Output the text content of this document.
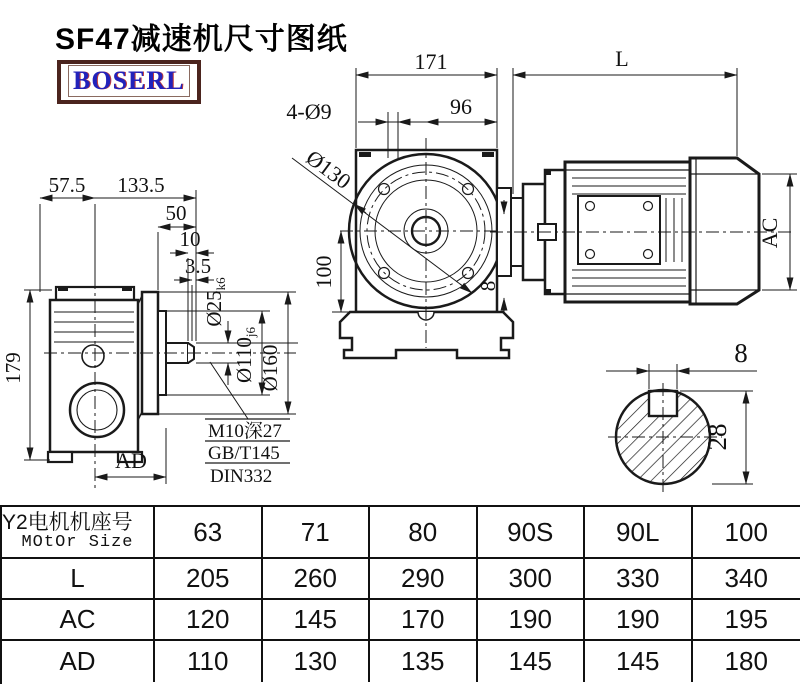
SF47减速机尺寸图纸
BOSERL
171	L
96
4-Ø9
Ø130
100	8
57.5 133.5
50
10
3.5
179
Ø25k6
Ø110j6
Ø160
AD
AC
M10深27
GB/T145
DIN332
8
28
Y2电机机座号
MOtOr Size	63	71	80	90S	90L	100
L	205	260	290	300	330	340
AC	120	145	170	190	190	195
AD	110	130	135	145	145	180
